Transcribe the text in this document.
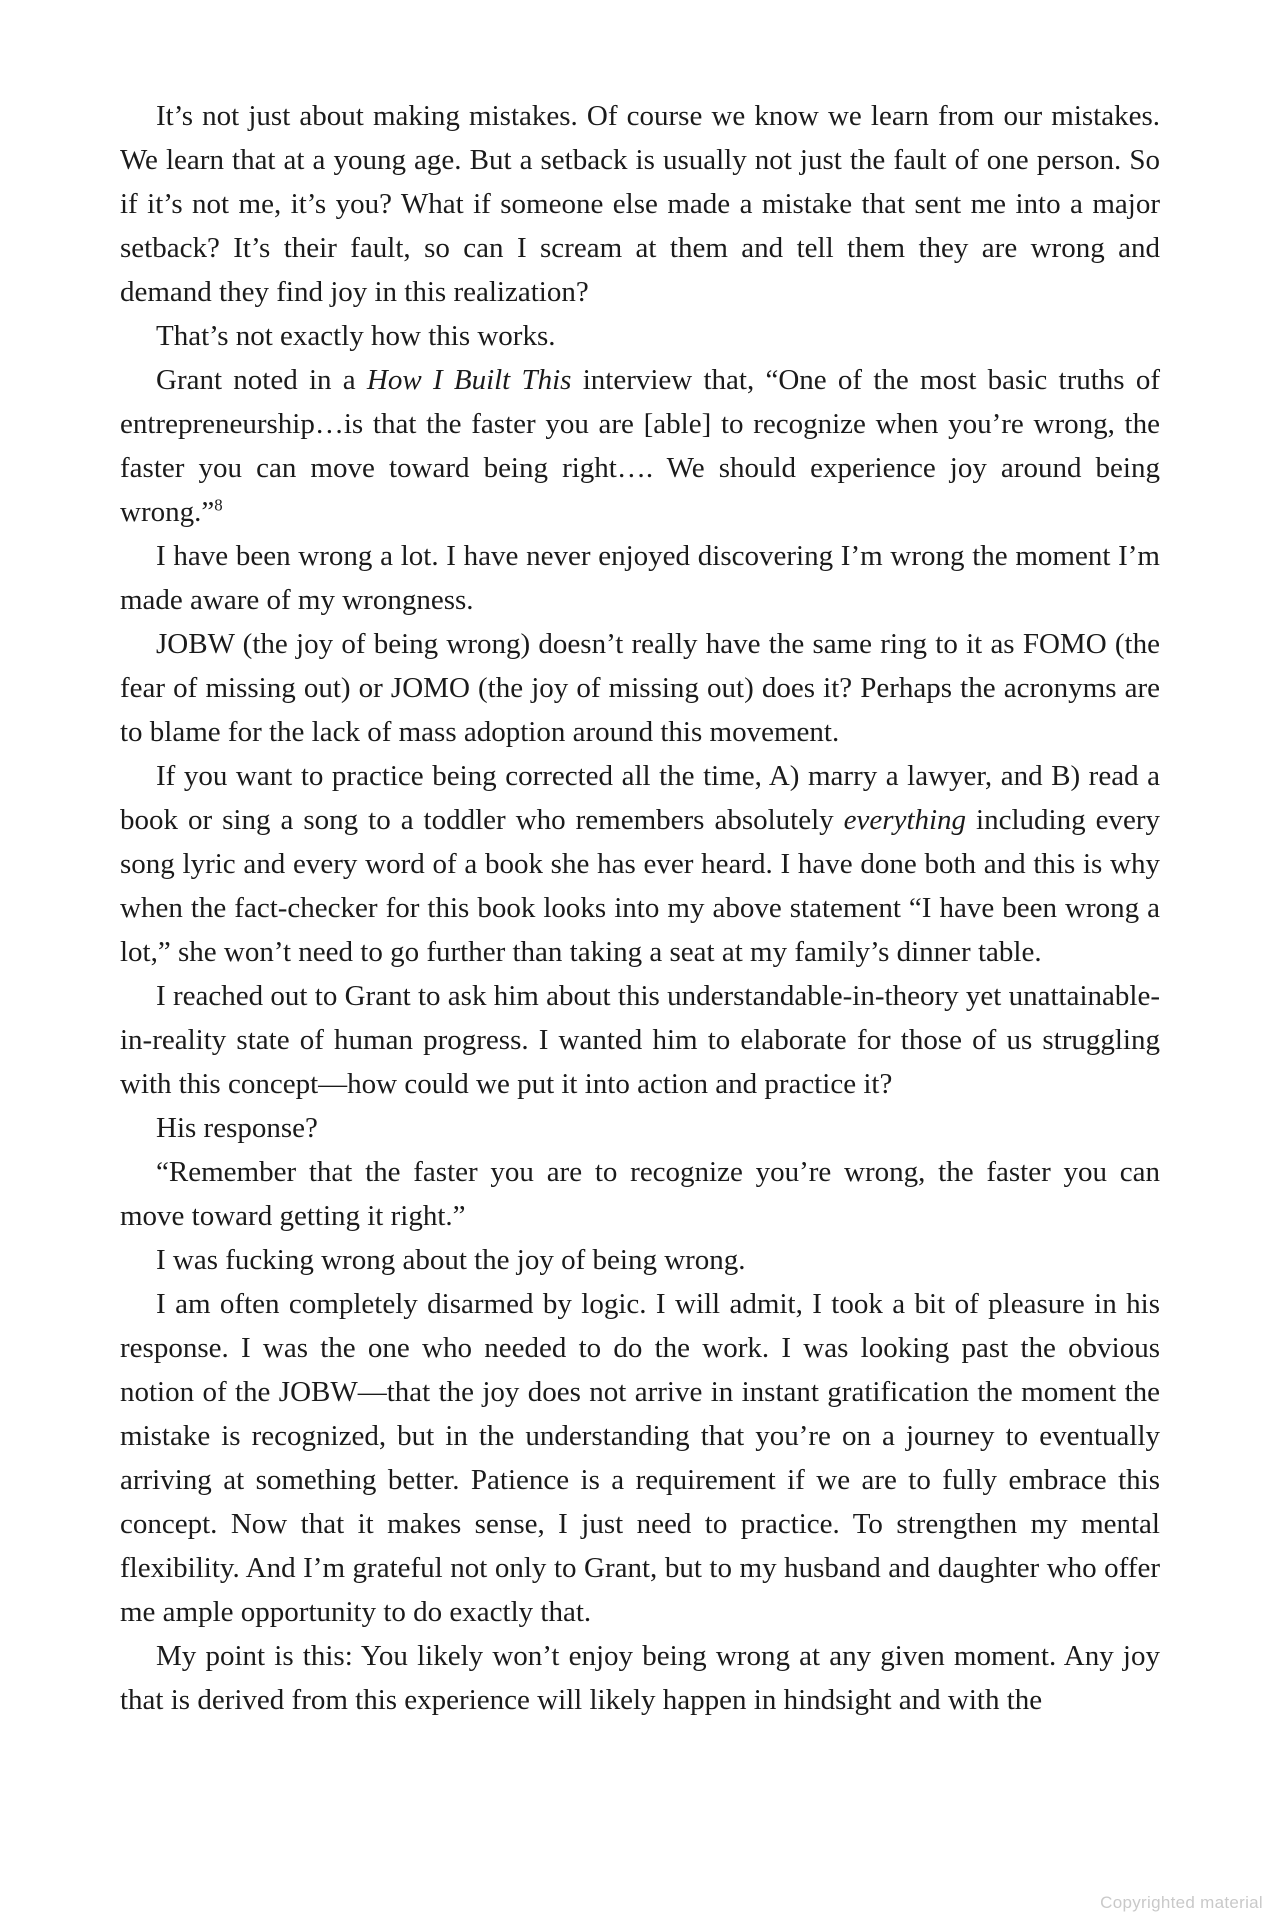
It’s not just about making mistakes. Of course we know we learn from our mistakes. We learn that at a young age. But a setback is usually not just the fault of one person. So if it’s not me, it’s you? What if someone else made a mistake that sent me into a major setback? It’s their fault, so can I scream at them and tell them they are wrong and demand they find joy in this realization?

That’s not exactly how this works.

Grant noted in a How I Built This interview that, “One of the most basic truths of entrepreneurship…is that the faster you are [able] to recognize when you’re wrong, the faster you can move toward being right…. We should experience joy around being wrong.”$^8$

I have been wrong a lot. I have never enjoyed discovering I’m wrong the moment I’m made aware of my wrongness.

JOBW (the joy of being wrong) doesn’t really have the same ring to it as FOMO (the fear of missing out) or JOMO (the joy of missing out) does it? Perhaps the acronyms are to blame for the lack of mass adoption around this movement.

If you want to practice being corrected all the time, A) marry a lawyer, and B) read a book or sing a song to a toddler who remembers absolutely everything including every song lyric and every word of a book she has ever heard. I have done both and this is why when the fact-checker for this book looks into my above statement “I have been wrong a lot,” she won’t need to go further than taking a seat at my family’s dinner table.

I reached out to Grant to ask him about this understandable-in-theory yet unattainable-in-reality state of human progress. I wanted him to elaborate for those of us struggling with this concept—how could we put it into action and practice it?

His response?

“Remember that the faster you are to recognize you’re wrong, the faster you can move toward getting it right.”

I was fucking wrong about the joy of being wrong.

I am often completely disarmed by logic. I will admit, I took a bit of pleasure in his response. I was the one who needed to do the work. I was looking past the obvious notion of the JOBW—that the joy does not arrive in instant gratification the moment the mistake is recognized, but in the understanding that you’re on a journey to eventually arriving at something better. Patience is a requirement if we are to fully embrace this concept. Now that it makes sense, I just need to practice. To strengthen my mental flexibility. And I’m grateful not only to Grant, but to my husband and daughter who offer me ample opportunity to do exactly that.

My point is this: You likely won’t enjoy being wrong at any given moment. Any joy that is derived from this experience will likely happen in hindsight and with the

Copyrighted material
